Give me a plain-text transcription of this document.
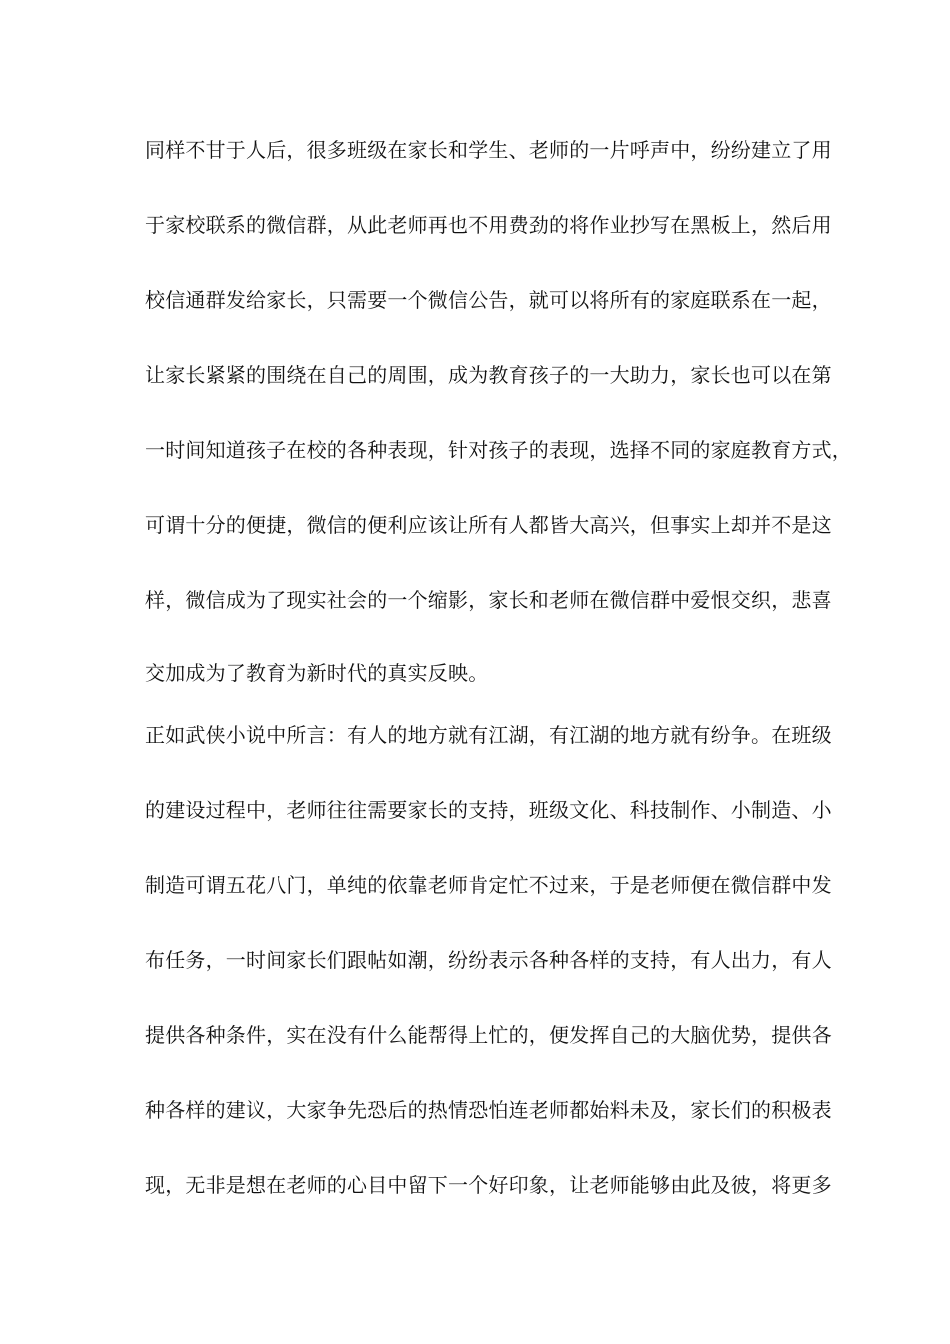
同样不甘于人后，很多班级在家长和学生、老师的一片呼声中，纷纷建立了用
于家校联系的微信群，从此老师再也不用费劲的将作业抄写在黑板上，然后用
校信通群发给家长，只需要一个微信公告，就可以将所有的家庭联系在一起，
让家长紧紧的围绕在自己的周围，成为教育孩子的一大助力，家长也可以在第
一时间知道孩子在校的各种表现，针对孩子的表现，选择不同的家庭教育方式，
可谓十分的便捷，微信的便利应该让所有人都皆大高兴，但事实上却并不是这
样，微信成为了现实社会的一个缩影，家长和老师在微信群中爱恨交织，悲喜
交加成为了教育为新时代的真实反映。
正如武侠小说中所言：有人的地方就有江湖，有江湖的地方就有纷争。在班级
的建设过程中，老师往往需要家长的支持，班级文化、科技制作、小制造、小
制造可谓五花八门，单纯的依靠老师肯定忙不过来，于是老师便在微信群中发
布任务，一时间家长们跟帖如潮，纷纷表示各种各样的支持，有人出力，有人
提供各种条件，实在没有什么能帮得上忙的，便发挥自己的大脑优势，提供各
种各样的建议，大家争先恐后的热情恐怕连老师都始料未及，家长们的积极表
现，无非是想在老师的心目中留下一个好印象，让老师能够由此及彼，将更多
